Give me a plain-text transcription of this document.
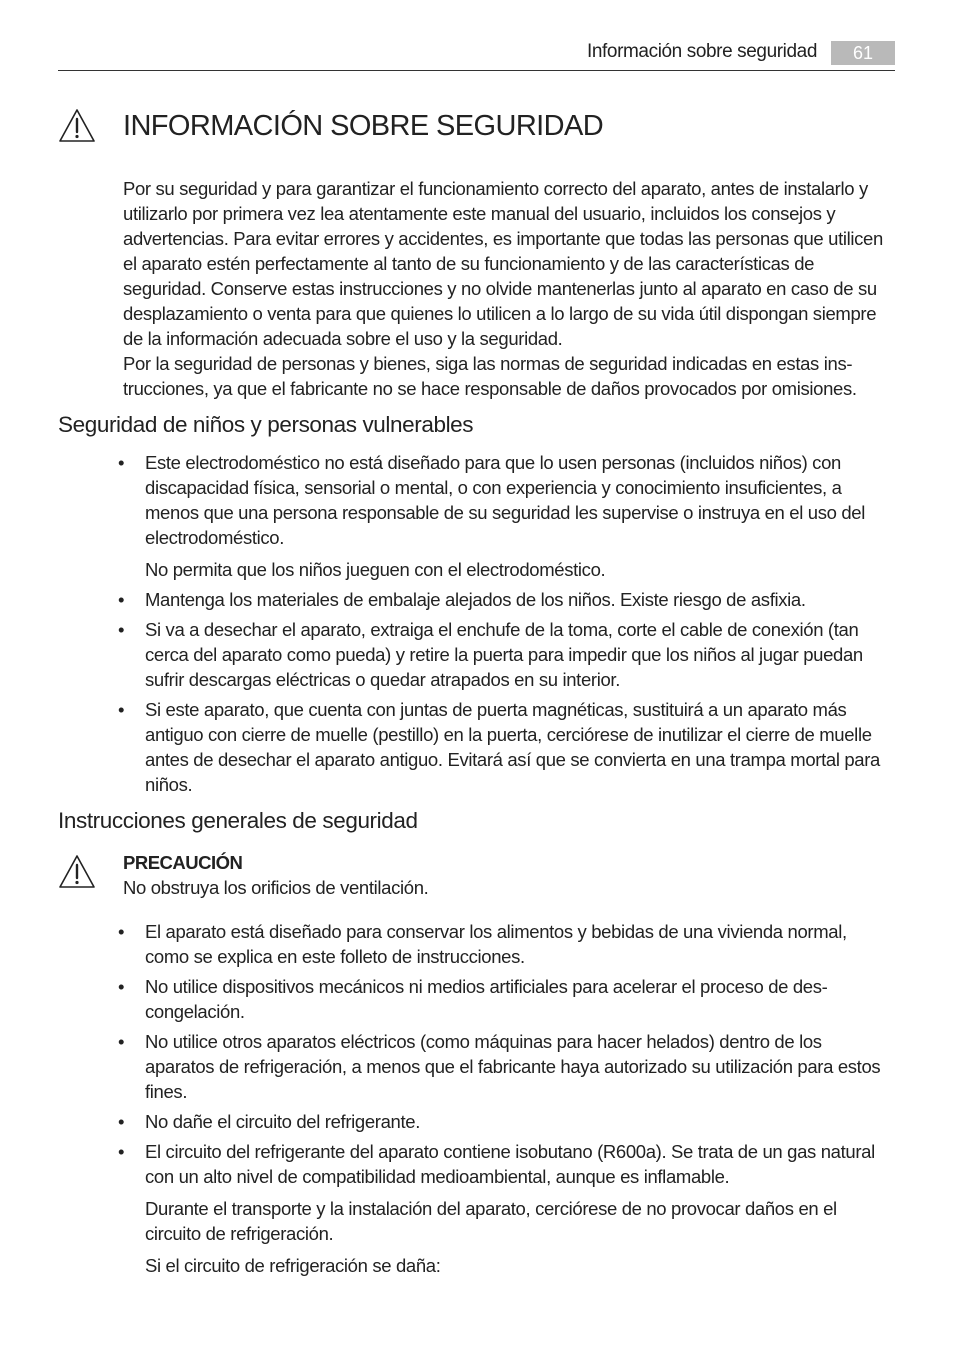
Información sobre seguridad	61
INFORMACIÓN SOBRE SEGURIDAD

Por su seguridad y para garantizar el funcionamiento correcto del aparato, antes de instalarlo y utilizarlo por primera vez lea atentamente este manual del usuario, incluidos los consejos y advertencias. Para evitar errores y accidentes, es importante que todas las personas que utilicen el aparato estén perfectamente al tanto de su funcionamiento y de las características de seguridad. Conserve estas instrucciones y no olvide mantenerlas junto al aparato en caso de su desplazamiento o venta para que quienes lo utilicen a lo largo de su vida útil dispongan siempre de la información adecuada sobre el uso y la seguridad.

Por la seguridad de personas y bienes, siga las normas de seguridad indicadas en estas instrucciones, ya que el fabricante no se hace responsable de daños provocados por omisiones.

Seguridad de niños y personas vulnerables
• Este electrodoméstico no está diseñado para que lo usen personas (incluidos niños) con discapacidad física, sensorial o mental, o con experiencia y conocimiento insuficientes, a menos que una persona responsable de su seguridad les supervise o instruya en el uso del electrodoméstico.

No permita que los niños jueguen con el electrodoméstico.

• Mantenga los materiales de embalaje alejados de los niños. Existe riesgo de asfixia.

• Si va a desechar el aparato, extraiga el enchufe de la toma, corte el cable de conexión (tan cerca del aparato como pueda) y retire la puerta para impedir que los niños al jugar puedan sufrir descargas eléctricas o quedar atrapados en su interior.

• Si este aparato, que cuenta con juntas de puerta magnéticas, sustituirá a un aparato más antiguo con cierre de muelle (pestillo) en la puerta, cerciórese de inutilizar el cierre de muelle antes de desechar el aparato antiguo. Evitará así que se convierta en una trampa mortal para niños.

Instrucciones generales de seguridad
PRECAUCIÓN
No obstruya los orificios de ventilación.
• El aparato está diseñado para conservar los alimentos y bebidas de una vivienda normal, como se explica en este folleto de instrucciones.

• No utilice dispositivos mecánicos ni medios artificiales para acelerar el proceso de descongelación.

• No utilice otros aparatos eléctricos (como máquinas para hacer helados) dentro de los aparatos de refrigeración, a menos que el fabricante haya autorizado su utilización para estos fines.

• No dañe el circuito del refrigerante.

• El circuito del refrigerante del aparato contiene isobutano (R600a). Se trata de un gas natural con un alto nivel de compatibilidad medioambiental, aunque es inflamable.

Durante el transporte y la instalación del aparato, cerciórese de no provocar daños en el circuito de refrigeración.

Si el circuito de refrigeración se daña:
